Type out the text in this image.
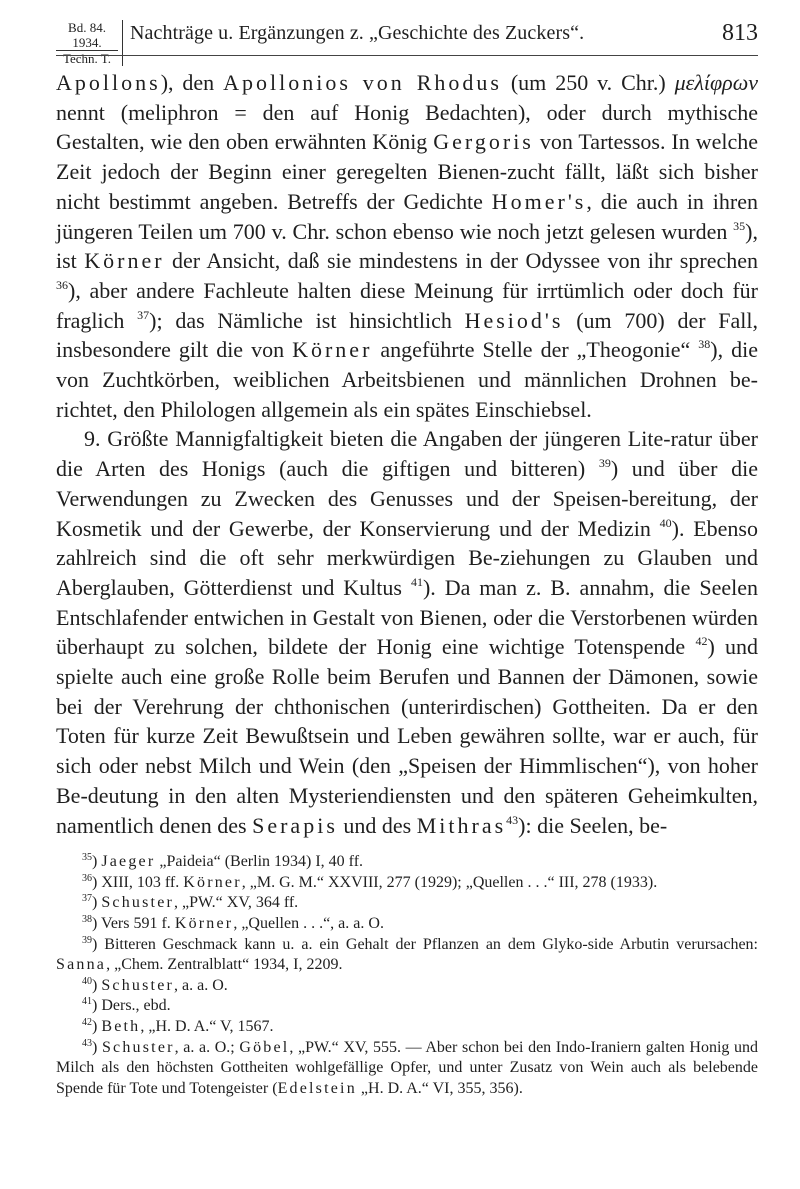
Bd. 84. 1934.
Techn. T.
Nachträge u. Ergänzungen z. „Geschichte des Zuckers“.	813

Apollons), den Apollonios von Rhodus (um 250 v. Chr.) μελίφρων nennt (meliphron = den auf Honig Bedachten), oder durch mythische Gestalten, wie den oben erwähnten König Gergoris von Tartessos. In welche Zeit jedoch der Beginn einer geregelten Bienen-zucht fällt, läßt sich bisher nicht bestimmt angeben. Betreffs der Gedichte Homer's, die auch in ihren jüngeren Teilen um 700 v. Chr. schon ebenso wie noch jetzt gelesen wurden $^{35}$), ist Körner der Ansicht, daß sie mindestens in der Odyssee von ihr sprechen $^{36}$), aber andere Fachleute halten diese Meinung für irrtümlich oder doch für fraglich $^{37}$); das Nämliche ist hinsichtlich Hesiod's (um 700) der Fall, insbesondere gilt die von Körner angeführte Stelle der „Theogonie“ $^{38}$), die von Zuchtkörben, weiblichen Arbeitsbienen und männlichen Drohnen be-richtet, den Philologen allgemein als ein spätes Einschiebsel.

9. Größte Mannigfaltigkeit bieten die Angaben der jüngeren Lite-ratur über die Arten des Honigs (auch die giftigen und bitteren) $^{39}$) und über die Verwendungen zu Zwecken des Genusses und der Speisen-bereitung, der Kosmetik und der Gewerbe, der Konservierung und der Medizin $^{40}$). Ebenso zahlreich sind die oft sehr merkwürdigen Be-ziehungen zu Glauben und Aberglauben, Götterdienst und Kultus $^{41}$). Da man z. B. annahm, die Seelen Entschlafender entwichen in Gestalt von Bienen, oder die Verstorbenen würden überhaupt zu solchen, bildete der Honig eine wichtige Totenspende $^{42}$) und spielte auch eine große Rolle beim Berufen und Bannen der Dämonen, sowie bei der Verehrung der chthonischen (unterirdischen) Gottheiten. Da er den Toten für kurze Zeit Bewußtsein und Leben gewähren sollte, war er auch, für sich oder nebst Milch und Wein (den „Speisen der Himmlischen“), von hoher Be-deutung in den alten Mysteriendiensten und den späteren Geheimkulten, namentlich denen des Serapis und des Mithras$^{43}$): die Seelen, be-

$^{35}$) Jaeger „Paideia“ (Berlin 1934) I, 40 ff.

$^{36}$) XIII, 103 ff. Körner, „M. G. M.“ XXVIII, 277 (1929); „Quellen . . .“ III, 278 (1933).

$^{37}$) Schuster, „PW.“ XV, 364 ff.

$^{38}$) Vers 591 f. Körner, „Quellen . . .“, a. a. O.

$^{39}$) Bitteren Geschmack kann u. a. ein Gehalt der Pflanzen an dem Glyko-side Arbutin verursachen: Sanna, „Chem. Zentralblatt“ 1934, I, 2209.

$^{40}$) Schuster, a. a. O.

$^{41}$) Ders., ebd.

$^{42}$) Beth, „H. D. A.“ V, 1567.

$^{43}$) Schuster, a. a. O.; Göbel, „PW.“ XV, 555. — Aber schon bei den Indo-Iraniern galten Honig und Milch als den höchsten Gottheiten wohlgefällige Opfer, und unter Zusatz von Wein auch als belebende Spende für Tote und Totengeister (Edelstein „H. D. A.“ VI, 355, 356).
